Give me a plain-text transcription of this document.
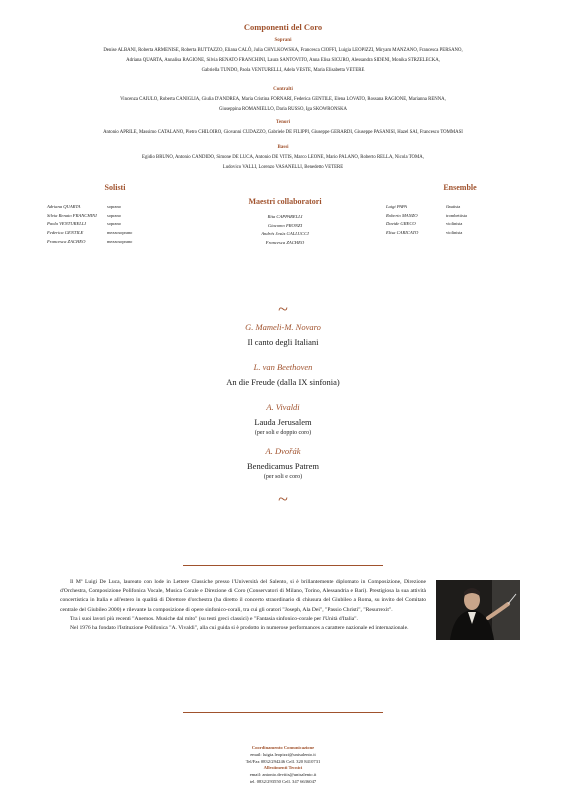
Componenti del Coro
Soprani
Denise ALBANI, Roberta ARMENISE, Roberta BUTTAZZO, Eliana CALÒ, Julia CHYLKOWSKA, Francesca CIOFFI, Luigia LEOPIZZI, Miryam MANZANO, Francesca PERSANO,
Adriana QUARTA, Annalisa RAGIONE, Silvia RENATO FRANCHINI, Laura SANTOVITO, Anna Elisa SICURO, Alessandra SIDENI, Monika STRZELECKA,
Gabriella TUNDO, Paola VENTURELLI, Adela VESTE, Maria Elisabetta VETERE
Contralti
Vincenza CAIULO, Roberta CANIGLIA, Giulia D'ANDREA, Maria Cristina FORNARI, Federica GENTILE, Elena LOVATO, Rossana RAGIONE, Marianna RENNA,
Giuseppina ROMANIELLO, Daria RUSSO, Iga SKOWRONSKA
Tenori
Antonio APRILE, Massimo CATALANO, Pietro CHILOIRO, Giovanni CUDAZZO, Gabriele DE FILIPPI, Giuseppe GERARDI, Giuseppe PASANISI, Hazel SAI, Francesco TOMMASI
Bassi
Egidio BRUNO, Antonio CANDIDO, Simone DE LUCA, Antonio DE VITIS, Marco LEONE, Mario PALANO, Roberto RELLA, Nicola TOMA,
Ludovico VALLI, Lorenzo VASANELLI, Benedetto VETERE
Solisti
Adriana QUARTA	soprano
Silvia Renato FRANCHINI	soprano
Paola VENTURELLI	soprano
Federica GENTILE	mezzosoprano
Francesca ZACHEO	mezzosoprano
Maestri collaboratori
Rita CAPPARELLI
Giacomo FRONZI
Andrés Jesús GALLUCCI
Francesca ZACHEO
Ensemble
Luigi PAPA	flautista
Roberto MANZO	trombettista
Davide GRECO	violinista
Elisa CARICATO	violinista
~
G. Mameli-M. Novaro
Il canto degli Italiani
L. van Beethoven
An die Freude (dalla IX sinfonia)
A. Vivaldi
Lauda Jerusalem
(per soli e doppio coro)
A. Dvořák
Benedicamus Patrem
(per soli e coro)
~

Il Mº Luigi De Luca, laureato con lode in Lettere Classiche presso l'Università del Salento, si è brillantemente diplomato in Composizione, Direzione d'Orchestra, Composizione Polifonica Vocale, Musica Corale e Direzione di Coro (Conservatori di Milano, Torino, Alessandria e Bari). Prestigiosa la sua attività concertistica in Italia e all'estero in qualità di Direttore d'orchestra (ha diretto il concerto straordinario di chiusura del Giubileo a Roma, su invito del Comitato centrale del Giubileo 2000) e rilevante la composizione di opere sinfonico-corali, tra cui gli oratori "Joseph, Ala Dei", "Passio Christi", "Resurrexit".

Tra i suoi lavori più recenti "Anemos. Musiche dal mito" (su testi greci classici) e "Fantasia sinfonico-corale per l'Unità d'Italia".

Nel 1976 ha fondato l'Istituzione Polifonica "A. Vivaldi", alla cui guida si è prodotto in numerose performances a carattere nazionale ed internazionale.

Coordinamento Comunicazione
email: luigia.leopizzi@unisalento.it
Tel/Fax 0832/294246 Cell. 320 8410731
Allestimenti Tecnici
email: antonio.devitis@unisalento.it
tel. 0832/293550 Cell. 347 6636047
